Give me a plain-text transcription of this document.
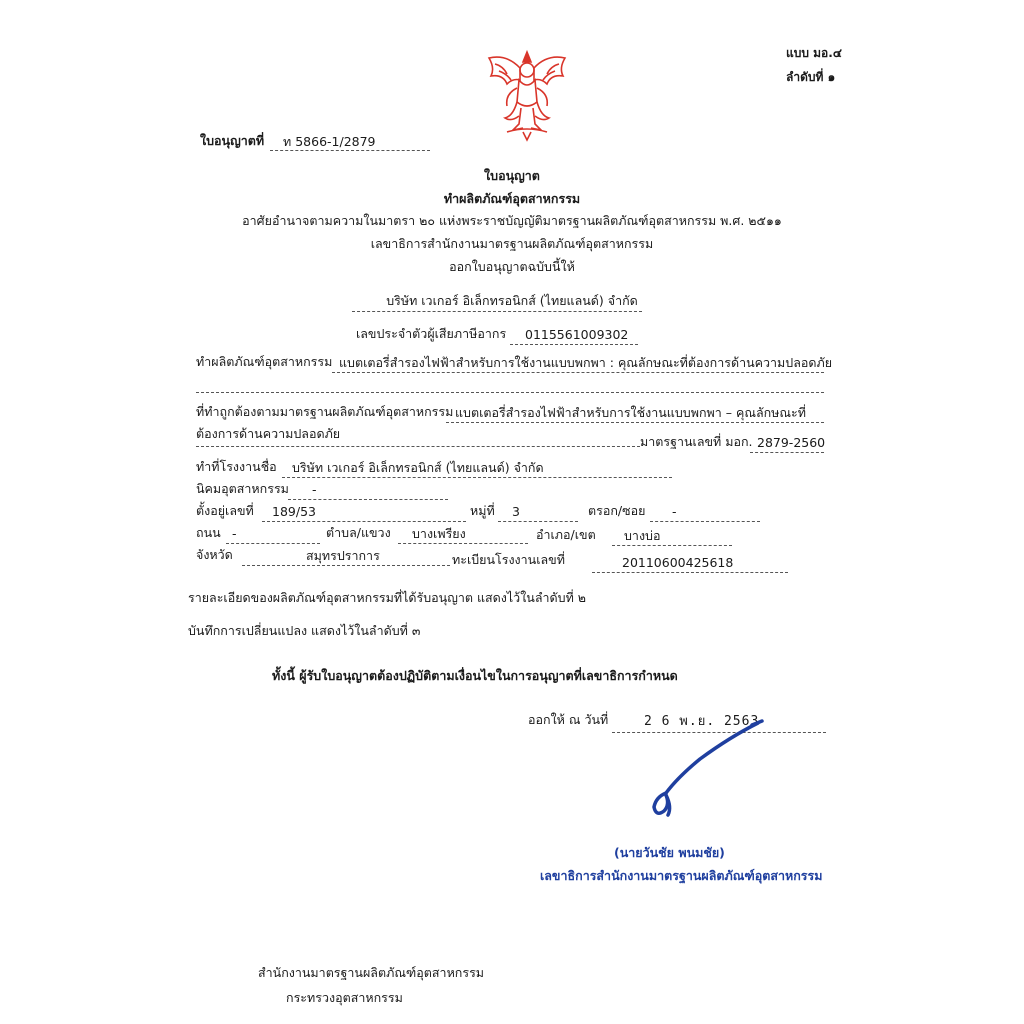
แบบ มอ.๔
ลำดับที่ ๑
ใบอนุญาตที่ ท 5866-1/2879
ใบอนุญาต
ทำผลิตภัณฑ์อุตสาหกรรม
อาศัยอำนาจตามความในมาตรา ๒๐ แห่งพระราชบัญญัติมาตรฐานผลิตภัณฑ์อุตสาหกรรม พ.ศ. ๒๕๑๑
เลขาธิการสำนักงานมาตรฐานผลิตภัณฑ์อุตสาหกรรม
ออกใบอนุญาตฉบับนี้ให้
บริษัท เวเกอร์ อิเล็กทรอนิกส์ (ไทยแลนด์) จำกัด
เลขประจำตัวผู้เสียภาษีอากร 0115561009302
ทำผลิตภัณฑ์อุตสาหกรรม แบตเตอรี่สำรองไฟฟ้าสำหรับการใช้งานแบบพกพา : คุณลักษณะที่ต้องการด้านความปลอดภัย
ที่ทำถูกต้องตามมาตรฐานผลิตภัณฑ์อุตสาหกรรม แบตเตอรี่สำรองไฟฟ้าสำหรับการใช้งานแบบพกพา – คุณลักษณะที่
ต้องการด้านความปลอดภัย
มาตรฐานเลขที่ มอก. 2879-2560
ทำที่โรงงานชื่อ บริษัท เวเกอร์ อิเล็กทรอนิกส์ (ไทยแลนด์) จำกัด
นิคมอุตสาหกรรม -
ตั้งอยู่เลขที่ 189/53	หมู่ที่ 3	ตรอก/ซอย -
ถนน -	ตำบล/แขวง บางเพรียง	อำเภอ/เขต บางบ่อ
จังหวัด	สมุทรปราการ	ทะเบียนโรงงานเลขที่	20110600425618
รายละเอียดของผลิตภัณฑ์อุตสาหกรรมที่ได้รับอนุญาต แสดงไว้ในลำดับที่ ๒
บันทึกการเปลี่ยนแปลง แสดงไว้ในลำดับที่ ๓
ทั้งนี้ ผู้รับใบอนุญาตต้องปฏิบัติตามเงื่อนไขในการอนุญาตที่เลขาธิการกำหนด
ออกให้ ณ วันที่	2 6 พ.ย. 2563
(นายวันชัย พนมชัย)
เลขาธิการสำนักงานมาตรฐานผลิตภัณฑ์อุตสาหกรรม
สำนักงานมาตรฐานผลิตภัณฑ์อุตสาหกรรม
กระทรวงอุตสาหกรรม
